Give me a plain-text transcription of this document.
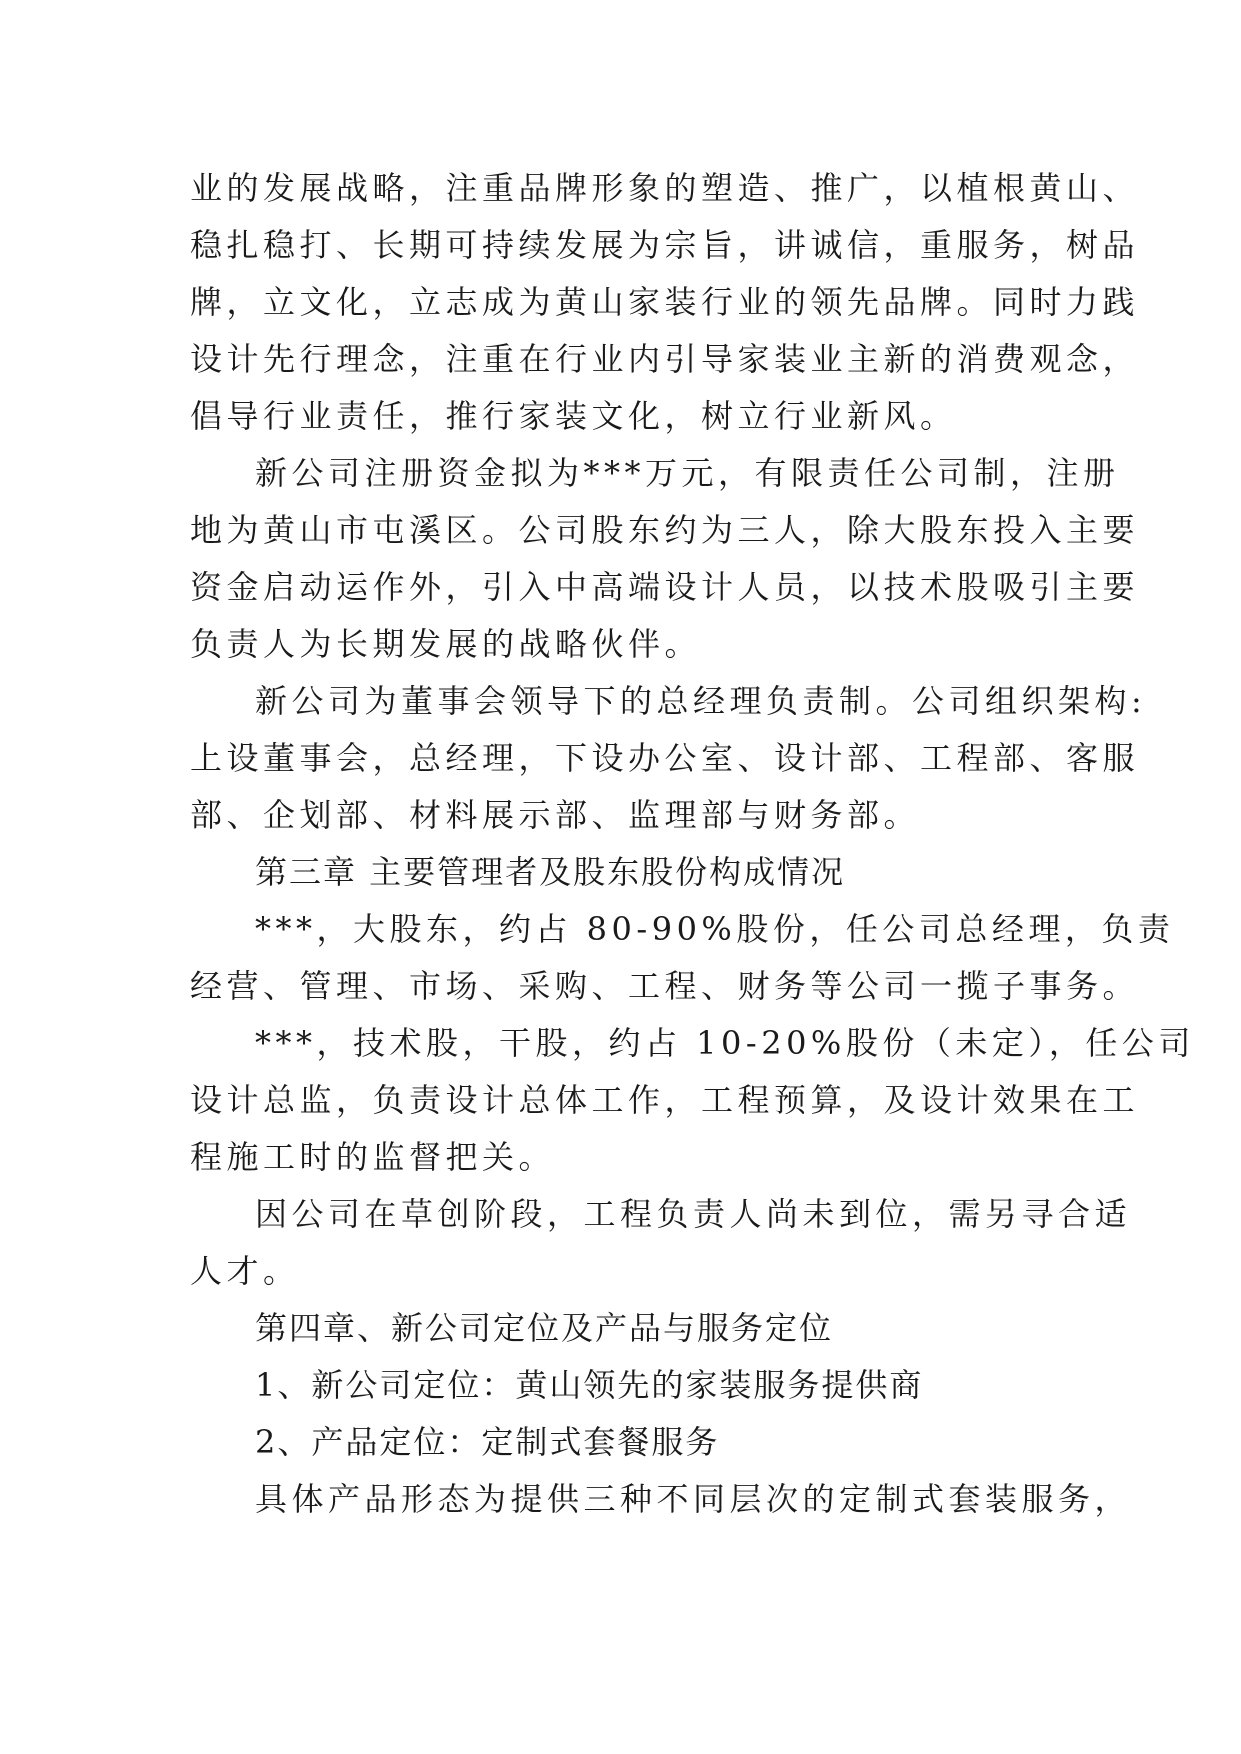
业的发展战略，注重品牌形象的塑造、推广，以植根黄山、
稳扎稳打、长期可持续发展为宗旨，讲诚信，重服务，树品
牌，立文化，立志成为黄山家装行业的领先品牌。同时力践
设计先行理念，注重在行业内引导家装业主新的消费观念，
倡导行业责任，推行家装文化，树立行业新风。
新公司注册资金拟为***万元，有限责任公司制，注册
地为黄山市屯溪区。公司股东约为三人，除大股东投入主要
资金启动运作外，引入中高端设计人员，以技术股吸引主要
负责人为长期发展的战略伙伴。
新公司为董事会领导下的总经理负责制。公司组织架构:
上设董事会，总经理，下设办公室、设计部、工程部、客服
部、企划部、材料展示部、监理部与财务部。
第三章 主要管理者及股东股份构成情况
***，大股东，约占 80-90%股份，任公司总经理，负责
经营、管理、市场、采购、工程、财务等公司一揽子事务。
***，技术股，干股，约占 10-20%股份（未定），任公司
设计总监，负责设计总体工作，工程预算，及设计效果在工
程施工时的监督把关。
因公司在草创阶段，工程负责人尚未到位，需另寻合适
人才。
第四章、新公司定位及产品与服务定位
1、新公司定位：黄山领先的家装服务提供商
2、产品定位：定制式套餐服务
具体产品形态为提供三种不同层次的定制式套装服务，
